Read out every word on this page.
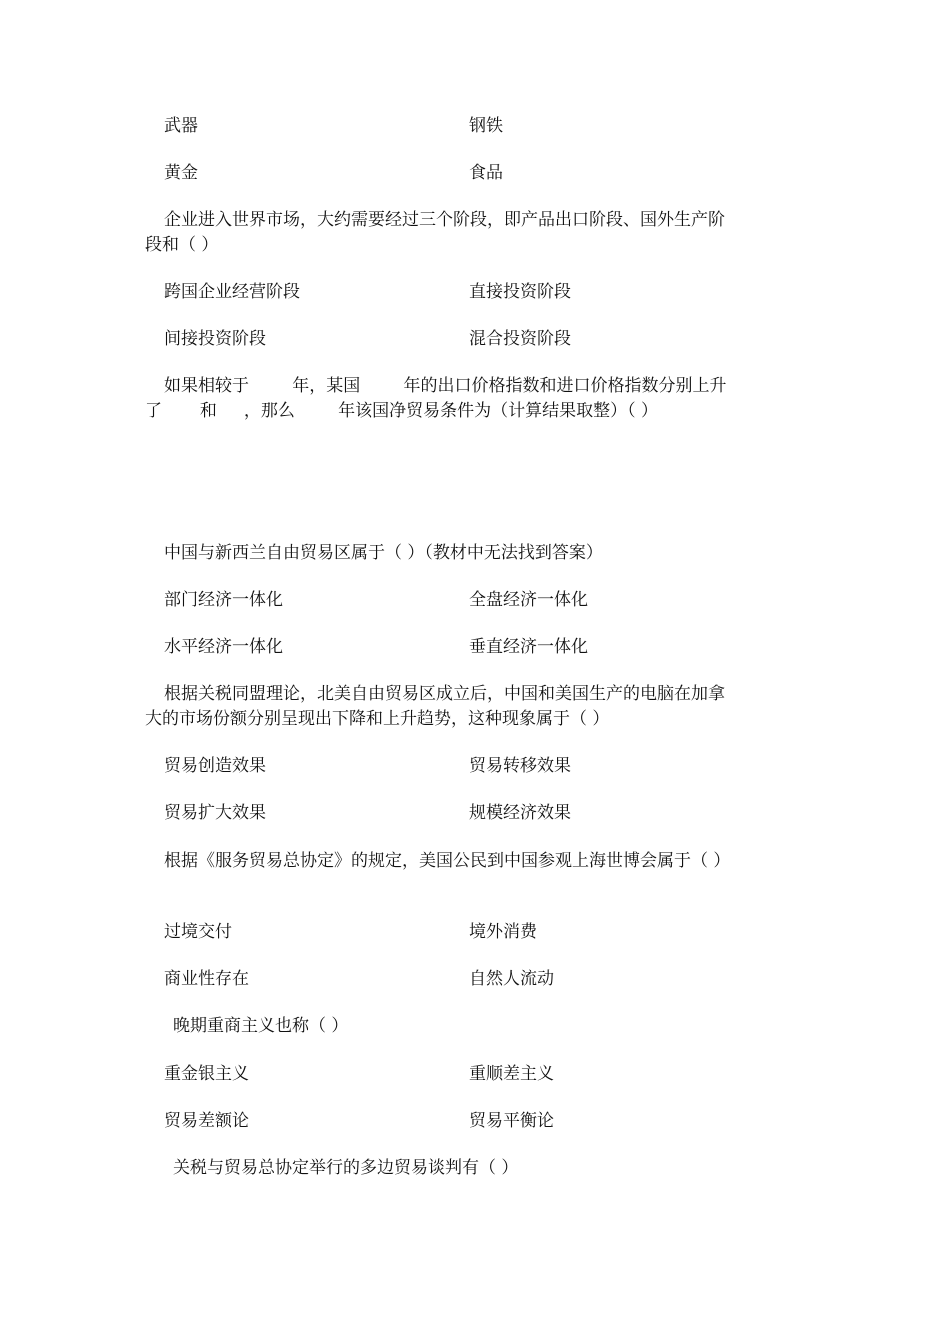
武器	钢铁
黄金	食品
企业进入世界市场，大约需要经过三个阶段，即产品出口阶段、国外生产阶
段和（ ）
跨国企业经营阶段	直接投资阶段
间接投资阶段	混合投资阶段
如果相较于        年，某国        年的出口价格指数和进口价格指数分别上升
了       和     ，那么        年该国净贸易条件为（计算结果取整）（ ）
中国与新西兰自由贸易区属于（ ）（教材中无法找到答案）
部门经济一体化	全盘经济一体化
水平经济一体化	垂直经济一体化
根据关税同盟理论，北美自由贸易区成立后，中国和美国生产的电脑在加拿
大的市场份额分别呈现出下降和上升趋势，这种现象属于（ ）
贸易创造效果	贸易转移效果
贸易扩大效果	规模经济效果
根据《服务贸易总协定》的规定，美国公民到中国参观上海世博会属于（ ）
过境交付	境外消费
商业性存在	自然人流动
晚期重商主义也称（ ）
重金银主义	重顺差主义
贸易差额论	贸易平衡论
关税与贸易总协定举行的多边贸易谈判有（ ）
